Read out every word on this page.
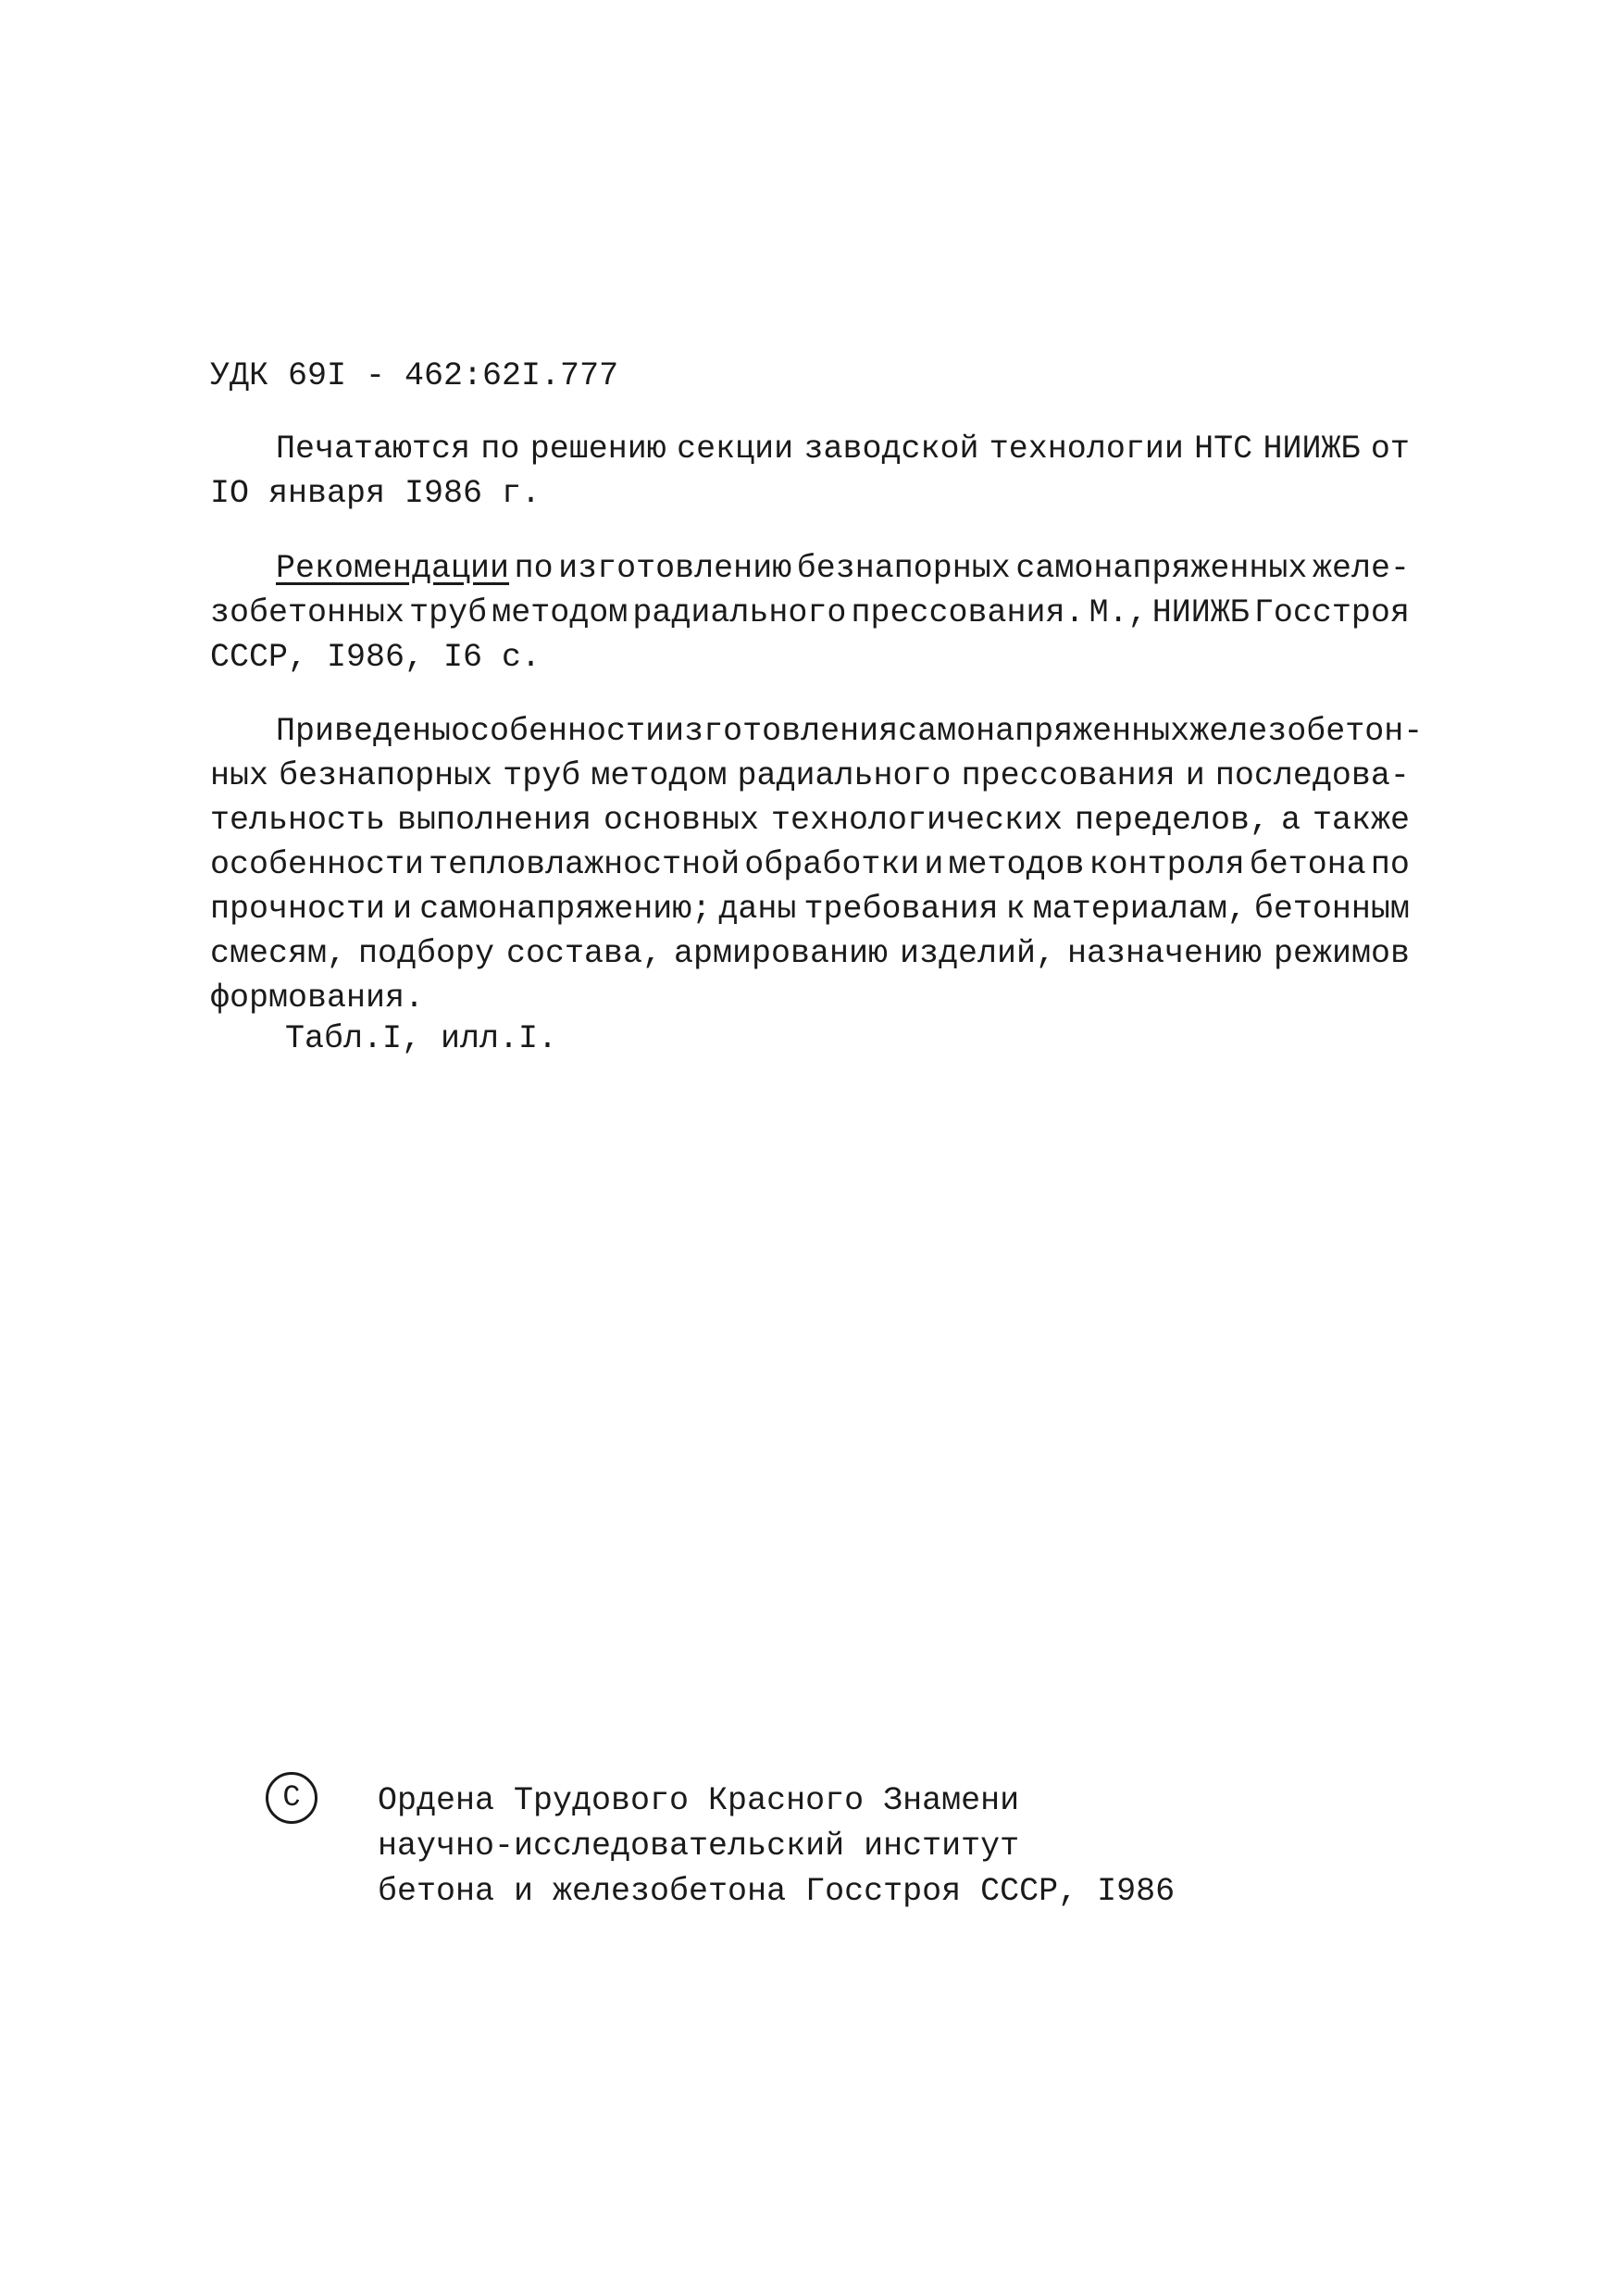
УДК 69I - 462:62I.777
Печатаются по решению секции заводской технологии НТС НИИЖБ от
IO января I986 г.
Рекомендации по изготовлению безнапорных самонапряженных желе-
зобетонных труб методом радиального прессования. М., НИИЖБ Госстроя
СССР, I986, I6 с.
Приведены особенности изготовления самонапряженных железобетон-
ных безнапорных труб методом радиального прессования и последова-
тельность выполнения основных технологических переделов, а также
особенности тепловлажностной обработки и методов контроля бетона по
прочности и самонапряжению; даны требования к материалам, бетонным
смесям, подбору состава, армированию изделий, назначению режимов
формования.
Табл.I, илл.I.
C Ордена Трудового Красного Знамени
научно-исследовательский институт
бетона и железобетона Госстроя СССР, I986
